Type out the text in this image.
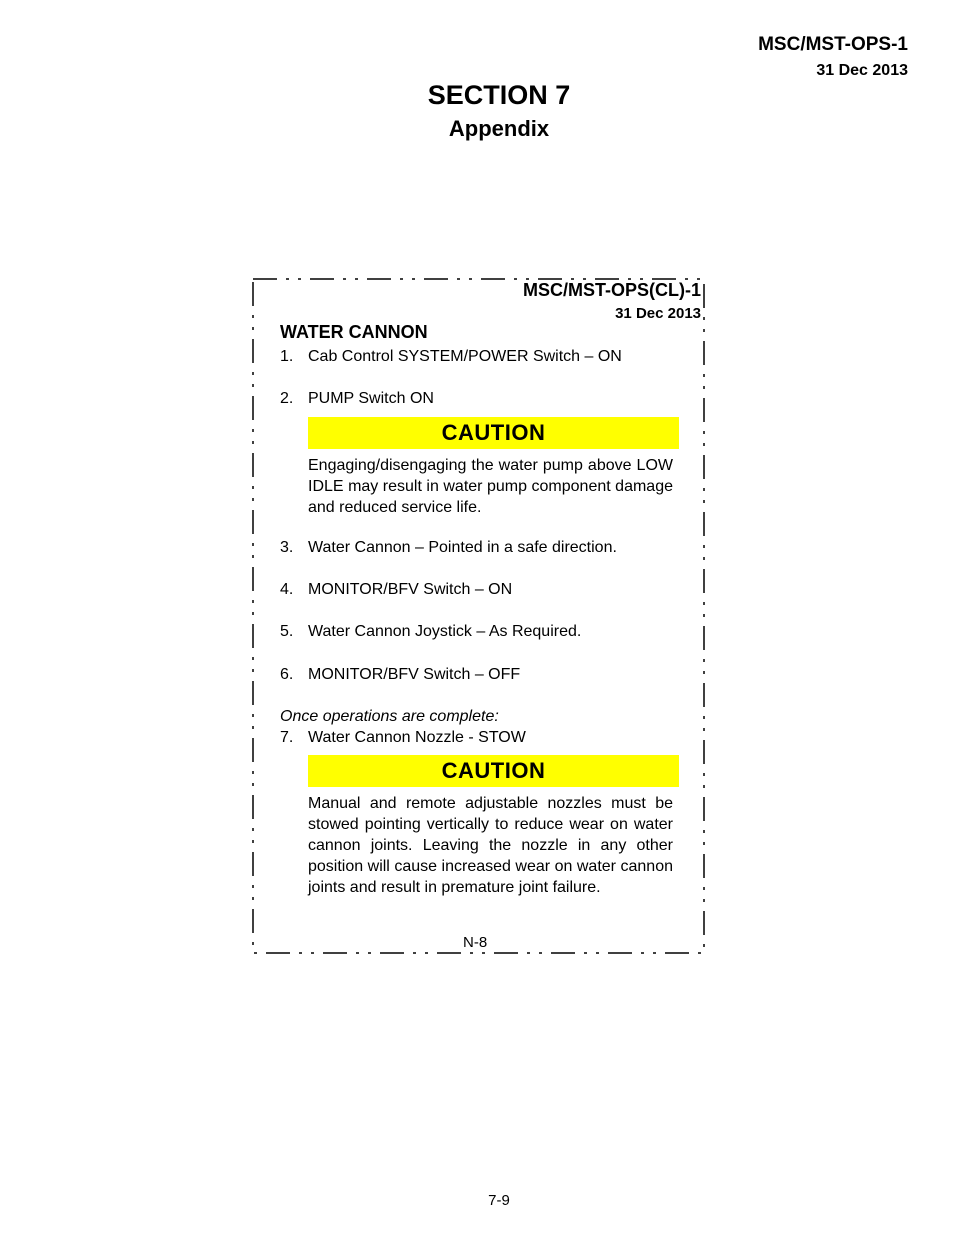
MSC/MST-OPS-1
31 Dec 2013
SECTION 7
Appendix
MSC/MST-OPS(CL)-1
31 Dec 2013
WATER CANNON
1. Cab Control SYSTEM/POWER Switch – ON
2. PUMP Switch ON
CAUTION
Engaging/disengaging the water pump above LOW IDLE may result in water pump component damage and reduced service life.
3. Water Cannon – Pointed in a safe direction.
4. MONITOR/BFV Switch – ON
5. Water Cannon Joystick – As Required.
6. MONITOR/BFV Switch – OFF
Once operations are complete:
7. Water Cannon Nozzle - STOW
CAUTION
Manual and remote adjustable nozzles must be stowed pointing vertically to reduce wear on water cannon joints. Leaving the nozzle in any other position will cause increased wear on water cannon joints and result in premature joint failure.
N-8
7-9
